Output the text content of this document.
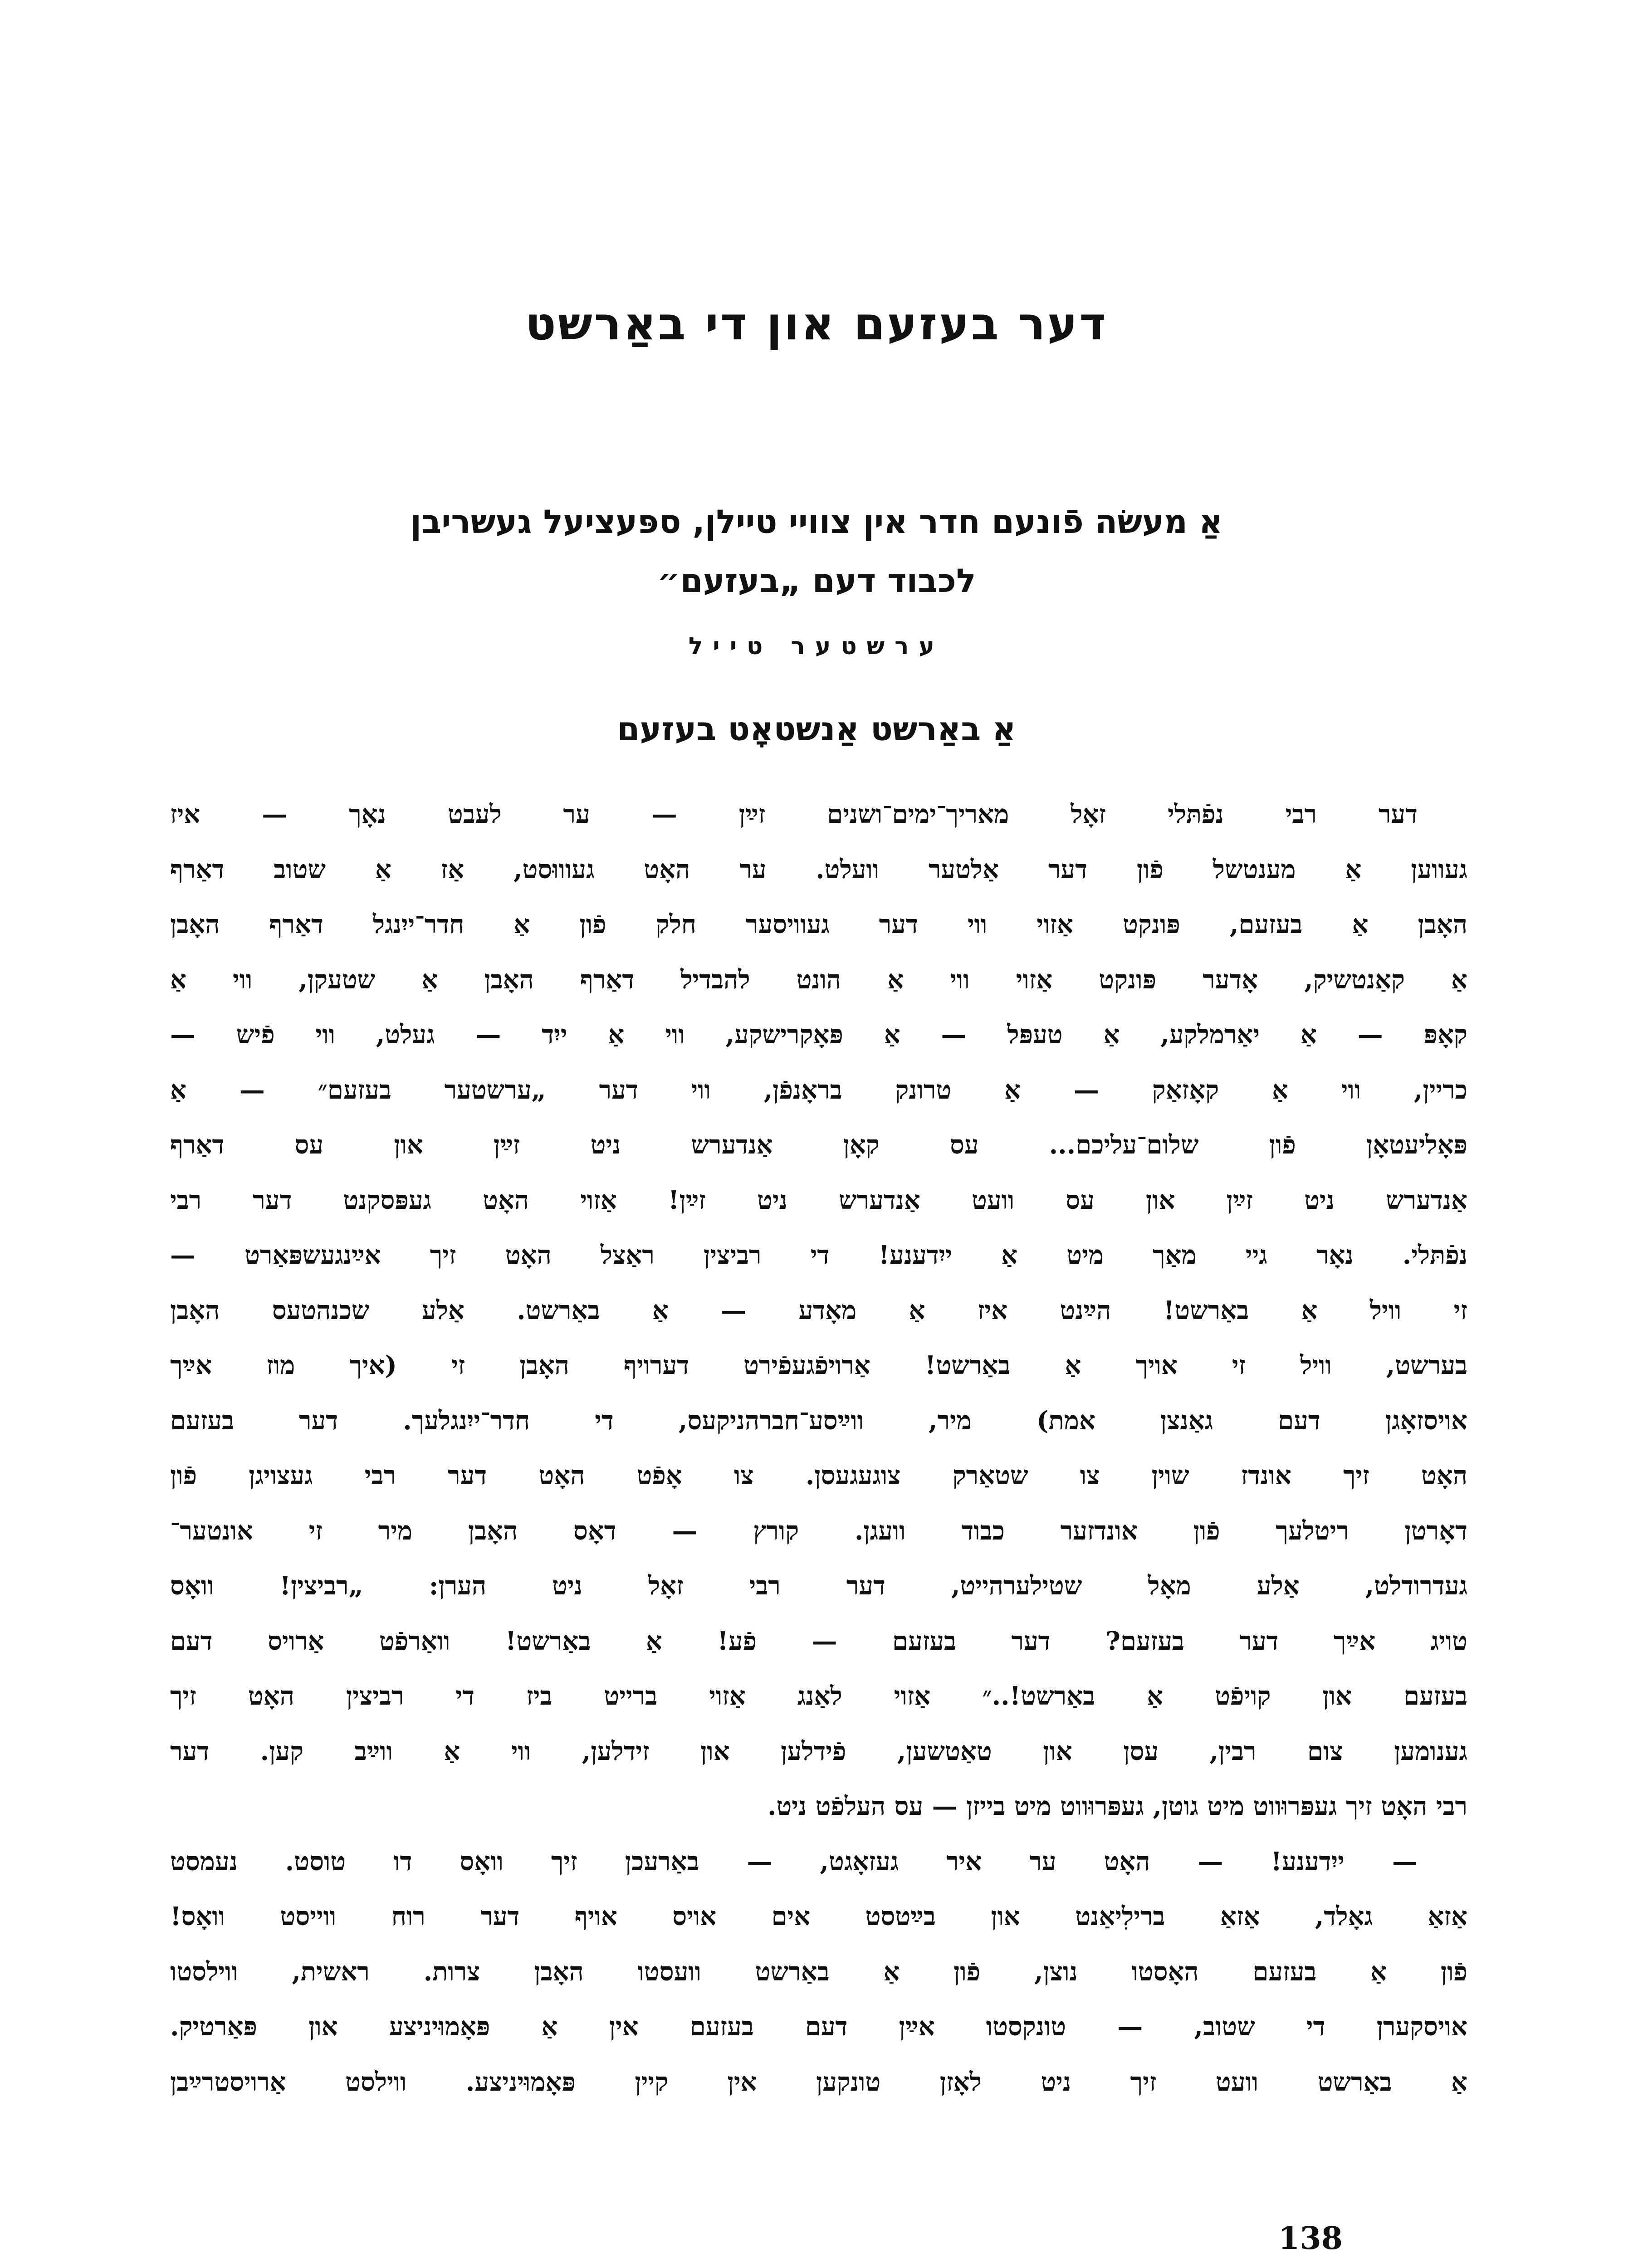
דער בעזעם און די באַרשט
אַ מעשׂה פֿונעם חדר אין צוויי טיילן, ספּעציעל געשריבן
לכבוד דעם „בעזעם״
ערשטער טייל
אַ באַרשט אַנשטאָט בעזעם
דער רבי נפֿתּלי זאָל מאריך־ימים־ושנים זײַן — ער לעבט נאָך — איז
געווען אַ מענטשל פֿון דער אַלטער וועלט. ער האָט געוווּסט, אַז אַ שטוב דאַרף
האָבן אַ בעזעם, פּונקט אַזוי ווי דער געוויסער חלק פֿון אַ חדר־ייִנגל דאַרף האָבן
אַ קאַנטשיק, אָדער פּונקט אַזוי ווי אַ הונט להבדיל דאַרף האָבן אַ שטעקן, ווי אַ
קאָפּ — אַ יאַרמלקע, אַ טעפּל — אַ פּאָקרישקע, ווי אַ ייִד — געלט, ווי פֿיש —
כריין, ווי אַ קאָזאַק — אַ טרונק בראָנפֿן, ווי דער „ערשטער בעזעם״ — אַ
פּאָליעטאָן פֿון שלום־עליכם... עס קאָן אַנדערש ניט זײַן און עס דאַרף
אַנדערש ניט זײַן און עס וועט אַנדערש ניט זײַן! אַזוי האָט געפּסקנט דער רבי
נפֿתּלי. נאָר גיי מאַך מיט אַ ייִדענע! די רביצין ראַצל האָט זיך אײַנגעשפּאַרט —
זי וויל אַ באַרשט! הײַנט איז אַ מאָדע — אַ באַרשט. אַלע שכנהטעס האָבן
בערשט, וויל זי אויך אַ באַרשט! אַרויפֿגעפֿירט דערויף האָבן זי (איך מוז אײַך
אויסזאָגן דעם גאַנצן אמת) מיר, ווײַסע־חברהניקעס, די חדר־ייִנגלעך. דער בעזעם
האָט זיך אונדז שוין צו שטאַרק צוגעגעסן. צו אָפֿט האָט דער רבי געצויגן פֿון
דאָרטן ריטלעך פֿון אונדזער כבוד וועגן. קורץ — דאָס האָבן מיר זי אונטער־
געדרודלט, אַלע מאָל שטילערהייט, דער רבי זאָל ניט הערן: „רביצין! וואָס
טויג אײַך דער בעזעם? דער בעזעם — פֿע! אַ באַרשט! וואַרפֿט אַרויס דעם
בעזעם און קויפֿט אַ באַרשט!..״ אַזוי לאַנג אַזוי ברייט ביז די רביצין האָט זיך
גענומען צום רבין, עסן און טאַטשען, פֿידלען און זידלען, ווי אַ ווײַב קען. דער
רבי האָט זיך געפּרוּווט מיט גוטן, געפּרוּווט מיט בייזן — עס העלפֿט ניט.
— ייִדענע! — האָט ער איר געזאָגט, — באַרעכן זיך וואָס דו טוסט. נעמסט
אַזאַ גאָלד, אַזאַ ברילִיאַנט און בײַטסט אים אויס אויף דער רוח ווייסט וואָס!
פֿון אַ בעזעם האָסטו נוצן, פֿון אַ באַרשט וועסטו האָבן צרות. ראשית, ווילסטו
אויסקערן די שטוב, — טונקסטו אײַן דעם בעזעם אין אַ פּאָמוּיניצע און פּאַרטיק.
אַ באַרשט וועט זיך ניט לאָזן טונקען אין קיין פּאָמוּיניצע. ווילסט אַרויסטרײַבן
138
